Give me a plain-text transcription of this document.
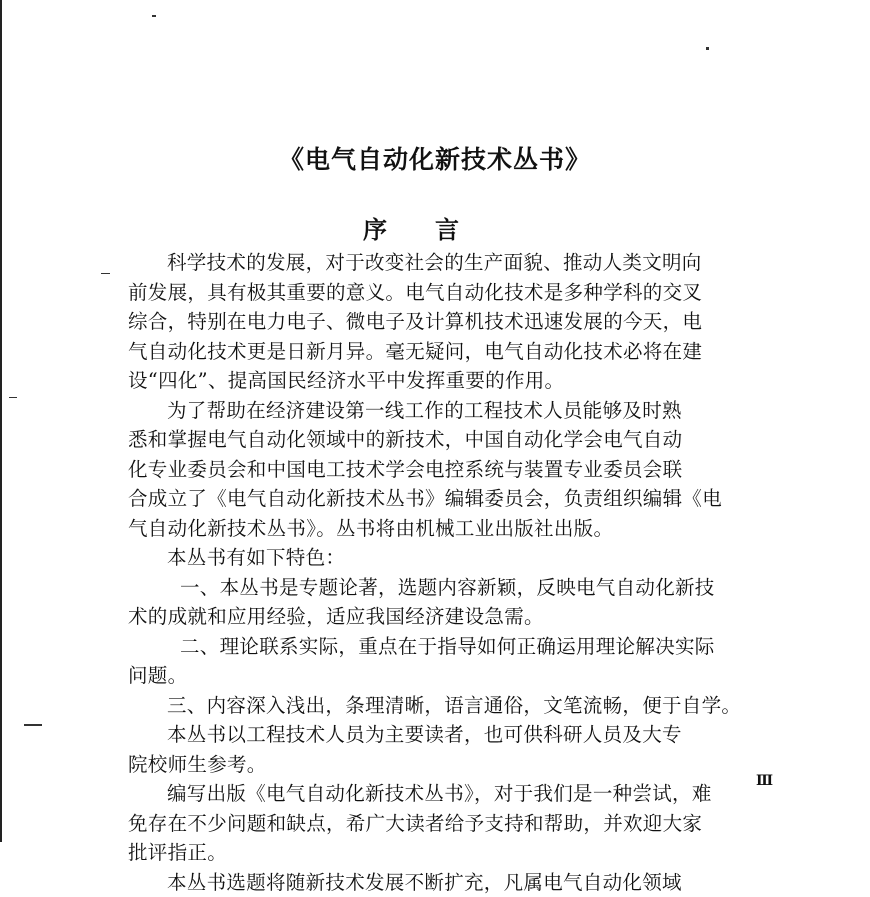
《电气自动化新技术丛书》
序言
科学技术的发展，对于改变社会的生产面貌、推动人类文明向
前发展，具有极其重要的意义。电气自动化技术是多种学科的交叉
综合，特别在电力电子、微电子及计算机技术迅速发展的今天，电
气自动化技术更是日新月异。毫无疑问，电气自动化技术必将在建
设“四化”、提高国民经济水平中发挥重要的作用。
为了帮助在经济建设第一线工作的工程技术人员能够及时熟
悉和掌握电气自动化领域中的新技术，中国自动化学会电气自动
化专业委员会和中国电工技术学会电控系统与装置专业委员会联
合成立了《电气自动化新技术丛书》编辑委员会，负责组织编辑《电
气自动化新技术丛书》。丛书将由机械工业出版社出版。
本丛书有如下特色：
一、本丛书是专题论著，选题内容新颖，反映电气自动化新技
术的成就和应用经验，适应我国经济建设急需。
二、理论联系实际，重点在于指导如何正确运用理论解决实际
问题。
三、内容深入浅出，条理清晰，语言通俗，文笔流畅，便于自学。
本丛书以工程技术人员为主要读者，也可供科研人员及大专
院校师生参考。
编写出版《电气自动化新技术丛书》，对于我们是一种尝试，难
免存在不少问题和缺点，希广大读者给予支持和帮助，并欢迎大家
批评指正。
本丛书选题将随新技术发展不断扩充，凡属电气自动化领域
Ⅲ
